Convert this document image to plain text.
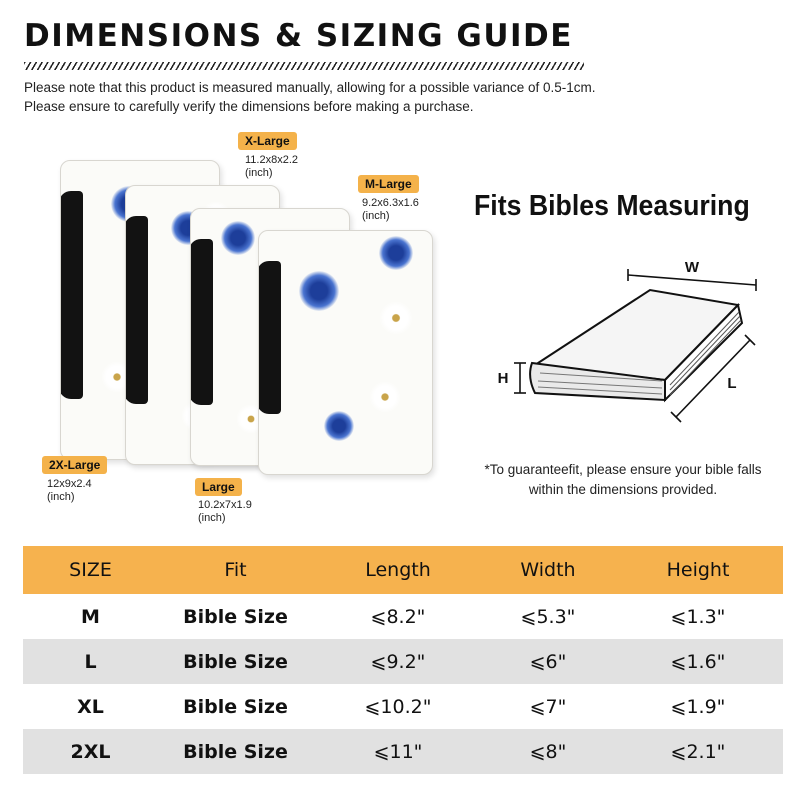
DIMENSIONS & SIZING GUIDE
Please note that this product is measured manually, allowing for a possible variance of 0.5-1cm.
Please ensure to carefully verify the dimensions before making a purchase.
X-Large
11.2x8x2.2
(inch)
M-Large
9.2x6.3x1.6
(inch)
2X-Large
12x9x2.4
(inch)
Large
10.2x7x1.9
(inch)
Fits Bibles Measuring
W
H	L
*To guaranteefit, please ensure your bible falls
within the dimensions provided.
SIZE	Fit	Length	Width	Height
M	Bible Size	⩽8.2"	⩽5.3"	⩽1.3"
L	Bible Size	⩽9.2"	⩽6"	⩽1.6"
XL	Bible Size	⩽10.2"	⩽7"	⩽1.9"
2XL	Bible Size	⩽11"	⩽8"	⩽2.1"
